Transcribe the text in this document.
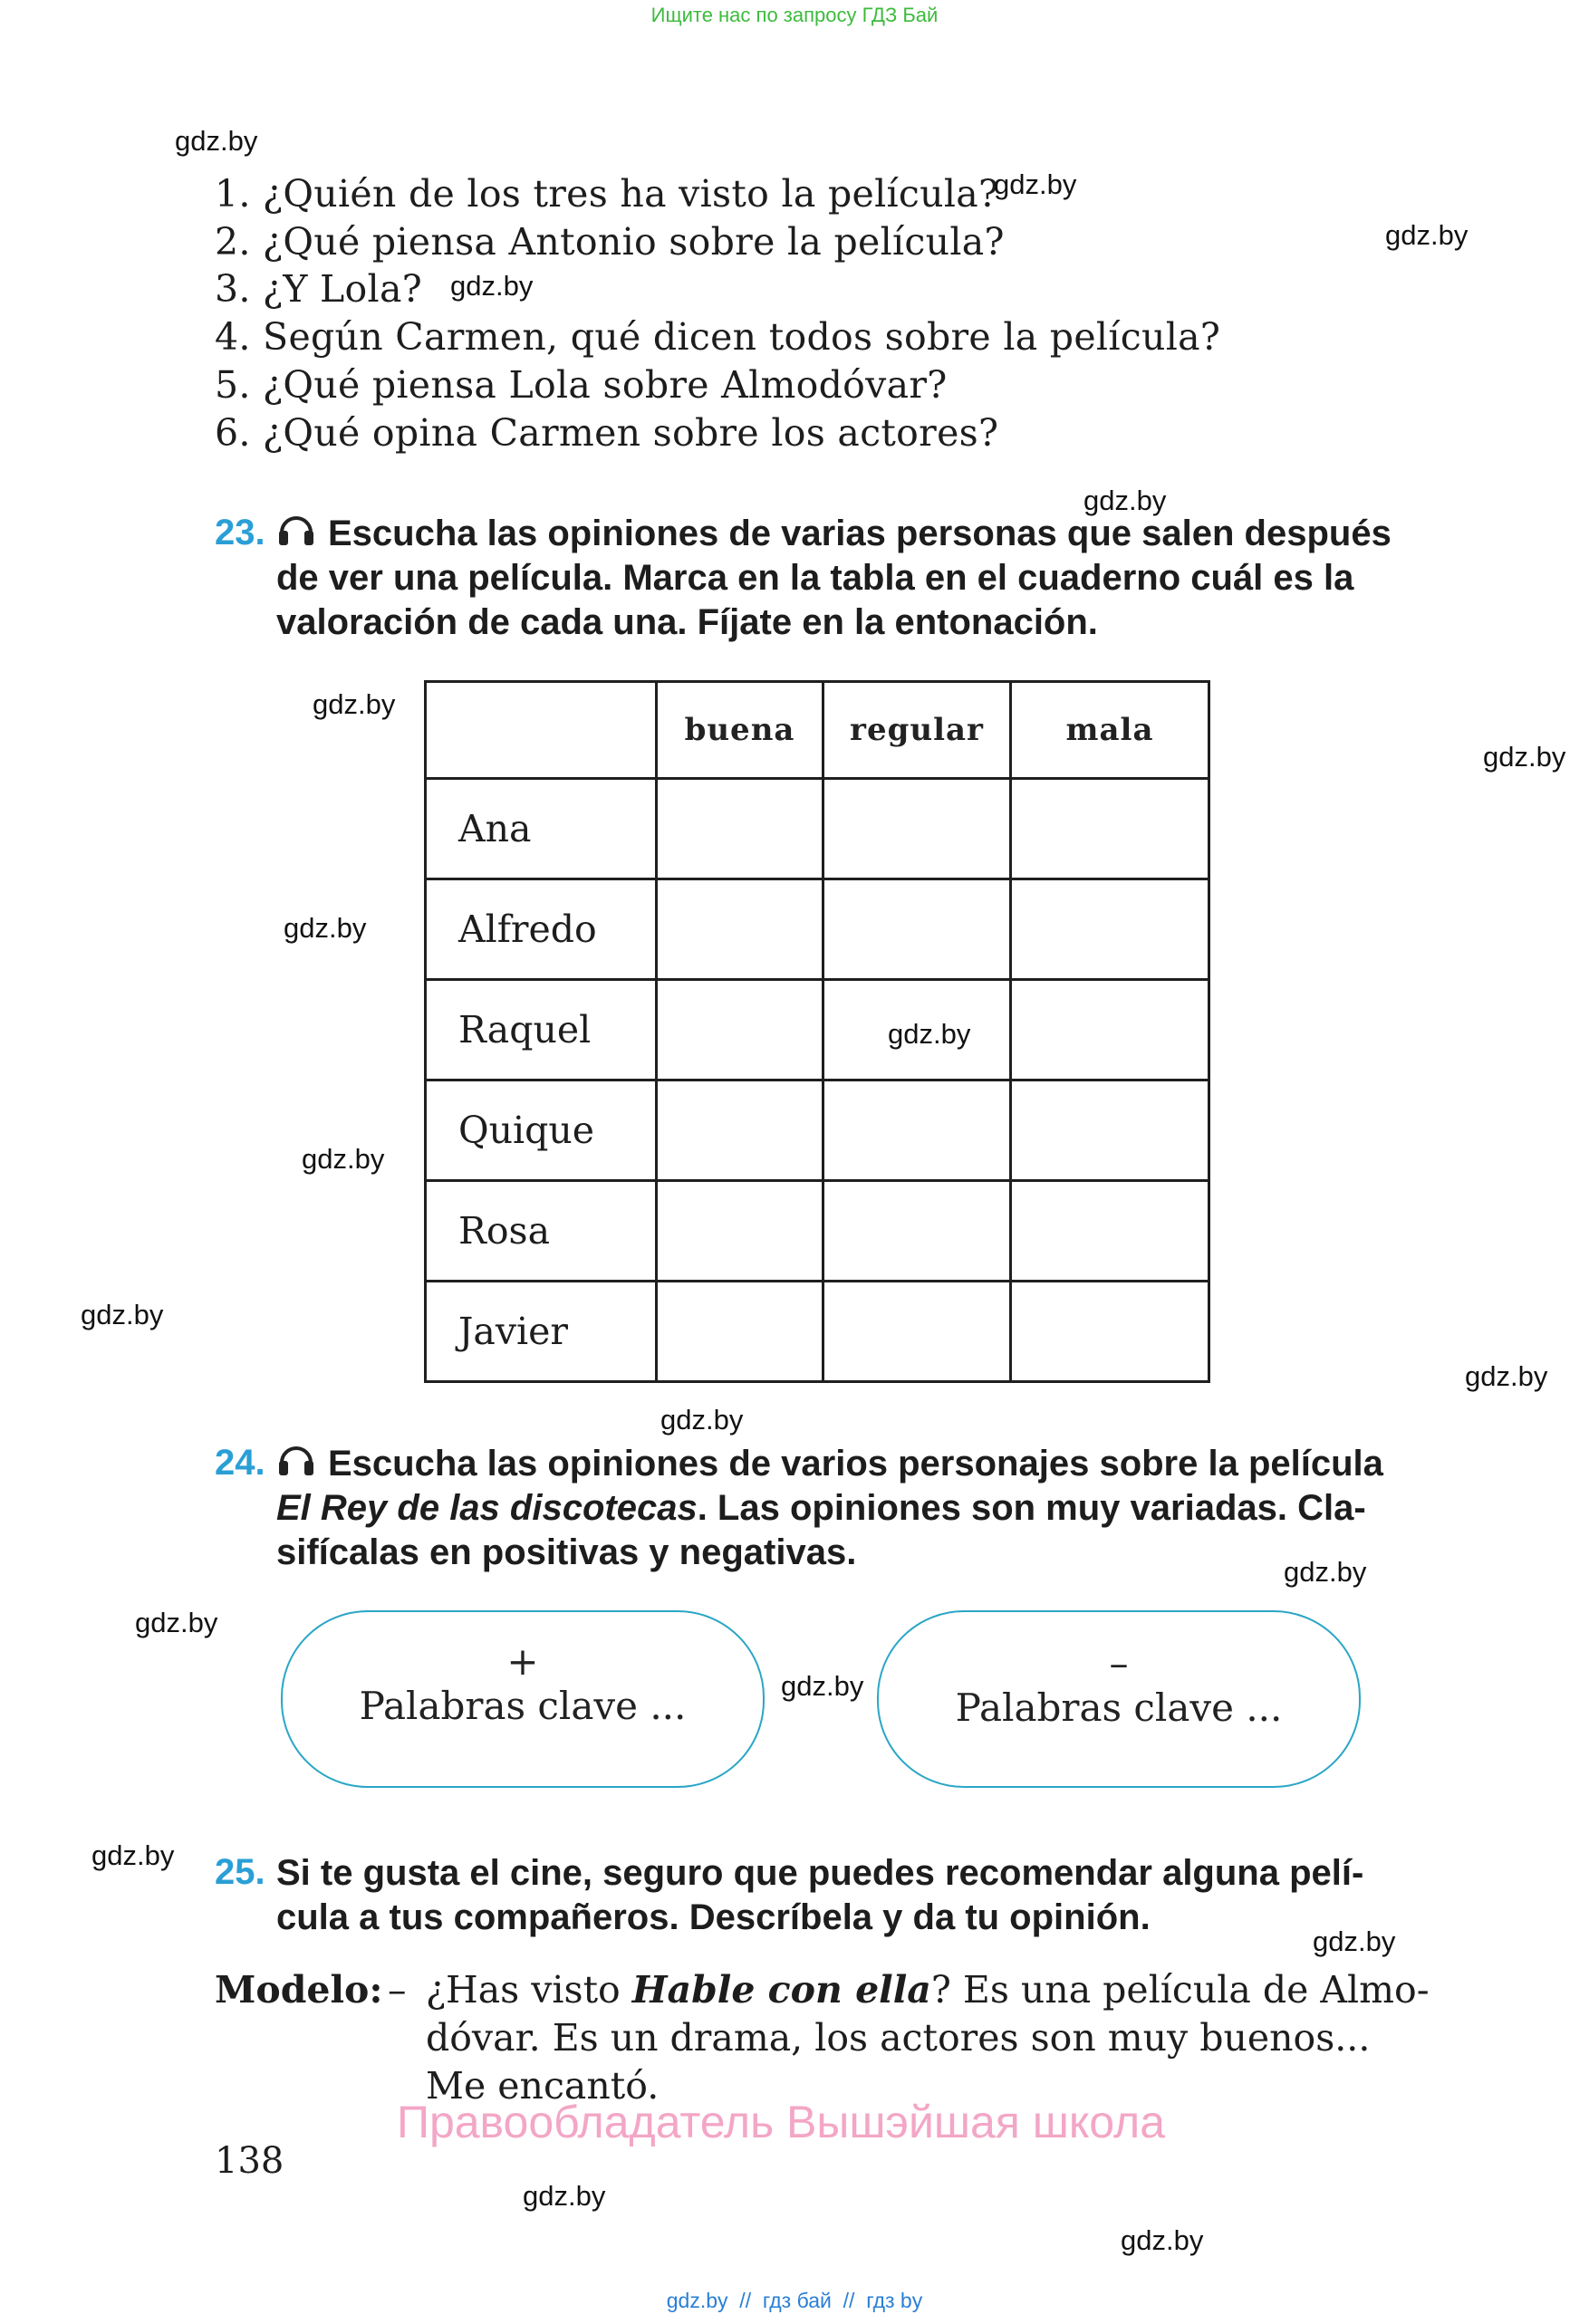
Ищите нас по запросу ГДЗ Бай
1. ¿Quién de los tres ha visto la película?
2. ¿Qué piensa Antonio sobre la película?
3. ¿Y Lola?
4. Según Carmen, qué dicen todos sobre la película?
5. ¿Qué piensa Lola sobre Almodóvar?
6. ¿Qué opina Carmen sobre los actores?
23. Escucha las opiniones de varias personas que salen después
de ver una película. Marca en la tabla en el cuaderno cuál es la
valoración de cada una. Fíjate en la entonación.
	buena	regular	mala
Ana			
Alfredo			
Raquel			
Quique			
Rosa			
Javier			
24. Escucha las opiniones de varios personajes sobre la película
El Rey de las discotecas. Las opiniones son muy variadas. Cla-
sifícalas en positivas y negativas.
+
Palabras clave ...
–
Palabras clave ...
25. Si te gusta el cine, seguro que puedes recomendar alguna pelí-
cula a tus compañeros. Descríbela y da tu opinión.
Modelo: – ¿Has visto Hable con ella? Es una película de Almo-
dóvar. Es un drama, los actores son muy buenos...
Me encantó.
Правообладатель Вышэйшая школа
138
gdz.by
gdz.by
gdz.by
gdz.by
gdz.by
gdz.by
gdz.by
gdz.by
gdz.by
gdz.by
gdz.by
gdz.by
gdz.by
gdz.by
gdz.by
gdz.by
gdz.by
gdz.by
gdz.by
gdz.by
gdz.by  //  гдз бай  //  гдз by
